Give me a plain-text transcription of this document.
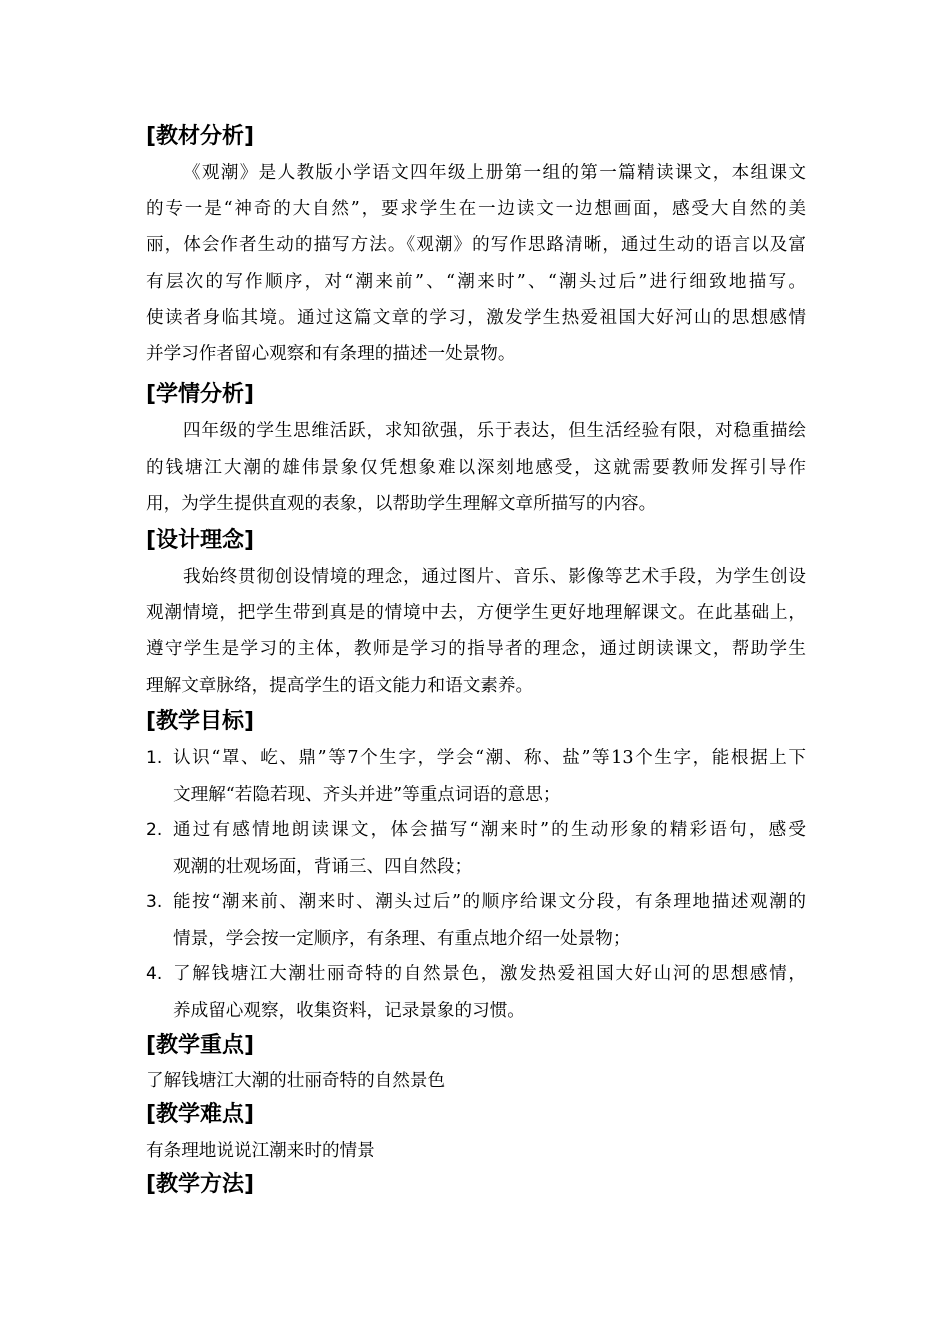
[教材分析]

《观潮》是人教版小学语文四年级上册第一组的第一篇精读课文，本组课文

的专一是“神奇的大自然”，要求学生在一边读文一边想画面，感受大自然的美

丽，体会作者生动的描写方法。《观潮》的写作思路清晰，通过生动的语言以及富

有层次的写作顺序，对“潮来前”、“潮来时”、“潮头过后”进行细致地描写。

使读者身临其境。通过这篇文章的学习，激发学生热爱祖国大好河山的思想感情

并学习作者留心观察和有条理的描述一处景物。

[学情分析]

四年级的学生思维活跃，求知欲强，乐于表达，但生活经验有限，对稳重描绘

的钱塘江大潮的雄伟景象仅凭想象难以深刻地感受，这就需要教师发挥引导作

用，为学生提供直观的表象，以帮助学生理解文章所描写的内容。

[设计理念]

我始终贯彻创设情境的理念，通过图片、音乐、影像等艺术手段，为学生创设

观潮情境，把学生带到真是的情境中去，方便学生更好地理解课文。在此基础上，

遵守学生是学习的主体，教师是学习的指导者的理念，通过朗读课文，帮助学生

理解文章脉络，提高学生的语文能力和语文素养。

[教学目标]
1. 认识“罩、屹、鼎”等7个生字，学会“潮、称、盐”等13个生字，能根据上下

文理解“若隐若现、齐头并进”等重点词语的意思；

2. 通过有感情地朗读课文，体会描写“潮来时”的生动形象的精彩语句，感受

观潮的壮观场面，背诵三、四自然段；

3. 能按“潮来前、潮来时、潮头过后”的顺序给课文分段，有条理地描述观潮的

情景，学会按一定顺序，有条理、有重点地介绍一处景物；

4. 了解钱塘江大潮壮丽奇特的自然景色，激发热爱祖国大好山河的思想感情，

养成留心观察，收集资料，记录景象的习惯。

[教学重点]

了解钱塘江大潮的壮丽奇特的自然景色

[教学难点]

有条理地说说江潮来时的情景

[教学方法]
